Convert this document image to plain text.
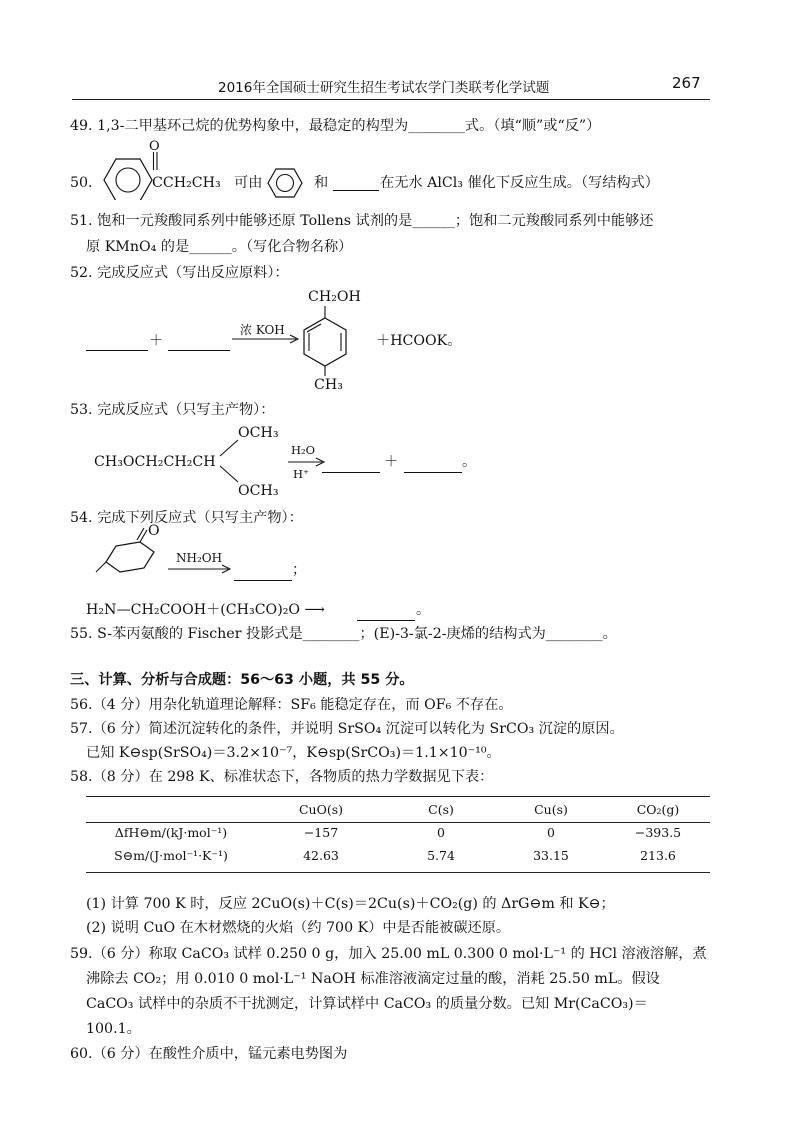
2016年全国硕士研究生招生考试农学门类联考化学试题	267
49. 1,3-二甲基环己烷的优势构象中，最稳定的构型为________式。（填“顺”或“反”）
50.
O
CCH₂CH₃ 可由	和	在无水 AlCl₃ 催化下反应生成。（写结构式）
51. 饱和一元羧酸同系列中能够还原 Tollens 试剂的是______；饱和二元羧酸同系列中能够还
原 KMnO₄ 的是______。（写化合物名称）
52. 完成反应式（写出反应原料）：
＋
浓 KOH
CH₂OH
CH₃
＋HCOOK。
53. 完成反应式（只写主产物）：
OCH₃
CH₃OCH₂CH₂CH
OCH₃
H₂O
H⁺
＋	。
54. 完成下列反应式（只写主产物）：
O
NH₂OH
；
H₂N—CH₂COOH＋(CH₃CO)₂O ⟶	。
55. S-苯丙氨酸的 Fischer 投影式是________；(E)-3-氯-2-庚烯的结构式为________。
三、计算、分析与合成题：56～63 小题，共 55 分。
56.（4 分）用杂化轨道理论解释：SF₆ 能稳定存在，而 OF₆ 不存在。
57.（6 分）简述沉淀转化的条件，并说明 SrSO₄ 沉淀可以转化为 SrCO₃ 沉淀的原因。
已知 K⊖sp(SrSO₄)＝3.2×10⁻⁷，K⊖sp(SrCO₃)＝1.1×10⁻¹⁰。
58.（8 分）在 298 K、标准状态下，各物质的热力学数据见下表：
	CuO(s)	C(s)	Cu(s)	CO₂(g)
ΔfH⊖m/(kJ·mol⁻¹)	−157	0	0	−393.5
S⊖m/(J·mol⁻¹·K⁻¹)	42.63	5.74	33.15	213.6
(1) 计算 700 K 时，反应 2CuO(s)＋C(s)＝2Cu(s)＋CO₂(g) 的 ΔrG⊖m 和 K⊖；
(2) 说明 CuO 在木材燃烧的火焰（约 700 K）中是否能被碳还原。
59.（6 分）称取 CaCO₃ 试样 0.250 0 g，加入 25.00 mL 0.300 0 mol·L⁻¹ 的 HCl 溶液溶解，煮
沸除去 CO₂；用 0.010 0 mol·L⁻¹ NaOH 标准溶液滴定过量的酸，消耗 25.50 mL。假设
CaCO₃ 试样中的杂质不干扰测定，计算试样中 CaCO₃ 的质量分数。已知 Mr(CaCO₃)＝
100.1。
60.（6 分）在酸性介质中，锰元素电势图为
